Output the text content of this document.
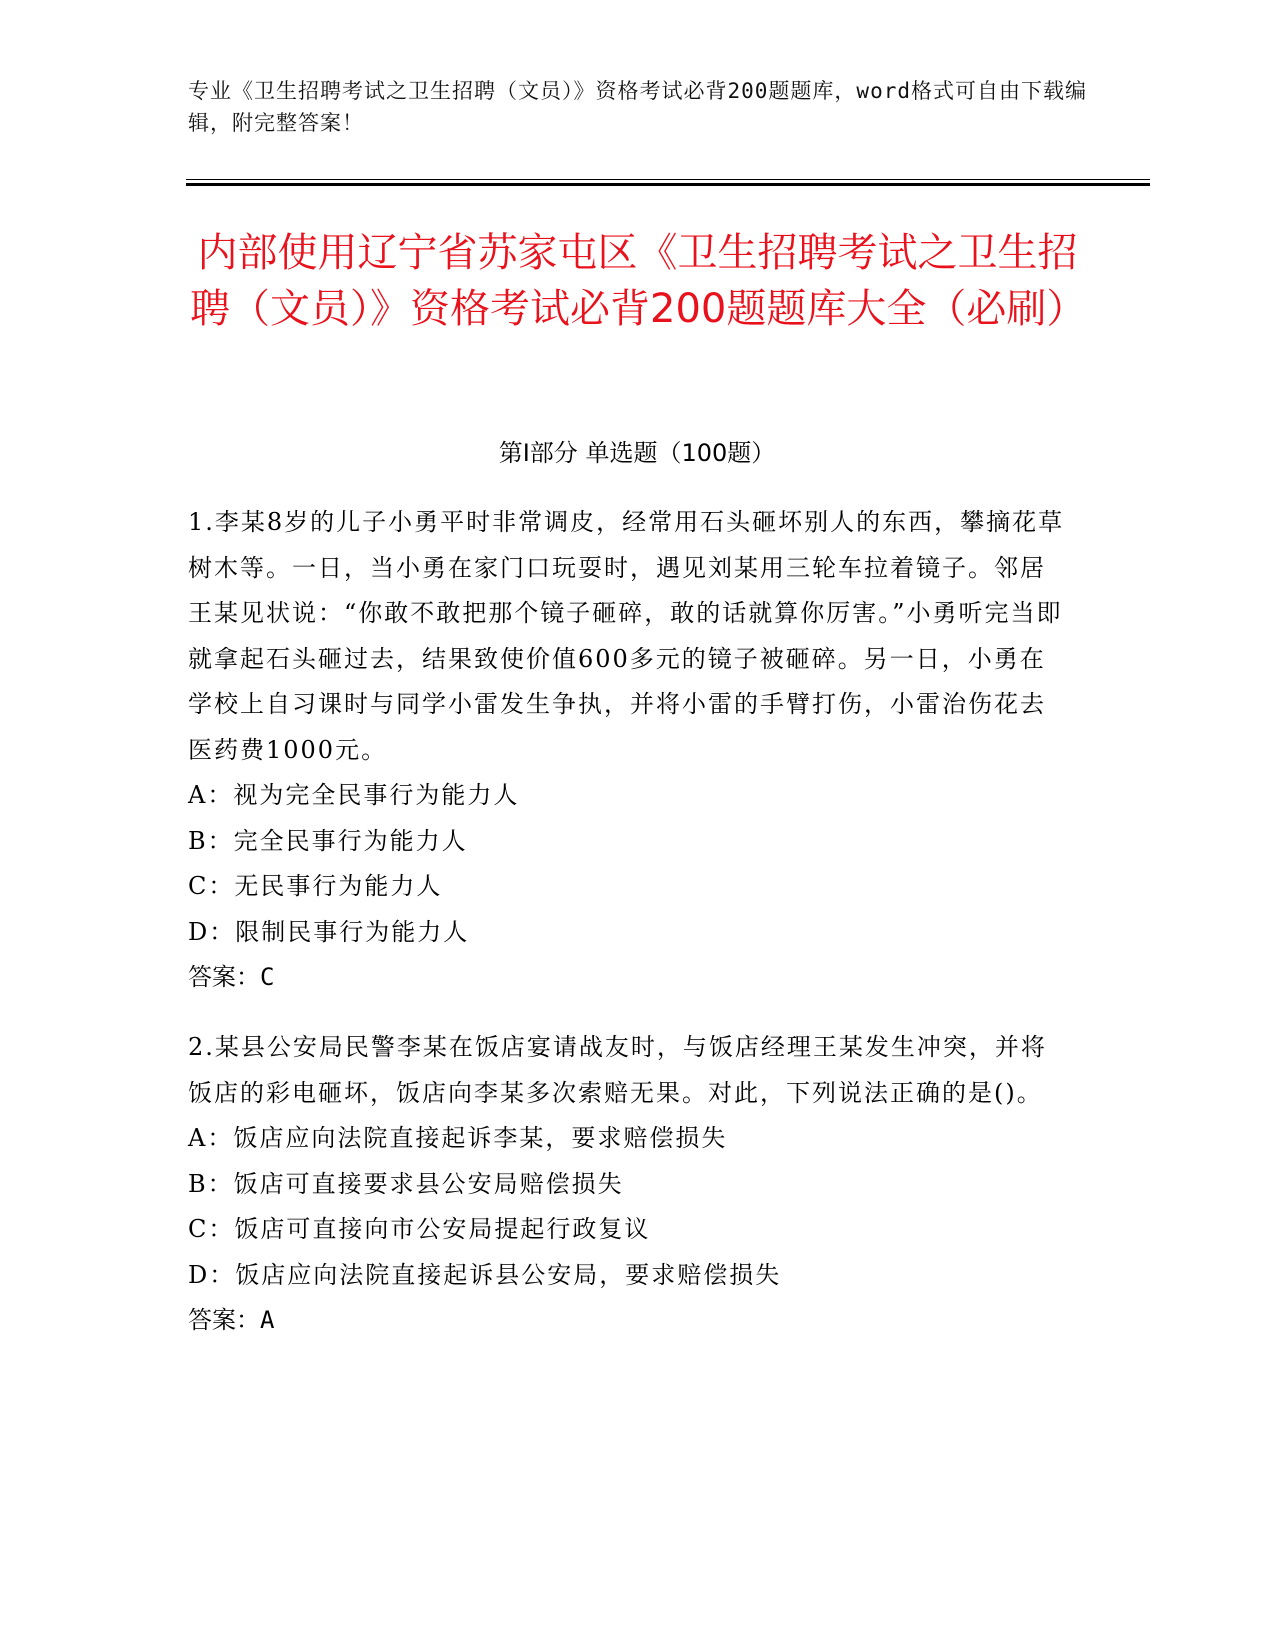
专业《卫生招聘考试之卫生招聘（文员）》资格考试必背200题题库，word格式可自由下载编辑，附完整答案！
内部使用辽宁省苏家屯区《卫生招聘考试之卫生招聘（文员）》资格考试必背200题题库大全（必刷）
第Ⅰ部分 单选题（100题）
1.李某8岁的儿子小勇平时非常调皮，经常用石头砸坏别人的东西，攀摘花草树木等。一日，当小勇在家门口玩耍时，遇见刘某用三轮车拉着镜子。邻居王某见状说：“你敢不敢把那个镜子砸碎，敢的话就算你厉害。”小勇听完当即就拿起石头砸过去，结果致使价值600多元的镜子被砸碎。另一日，小勇在学校上自习课时与同学小雷发生争执，并将小雷的手臂打伤，小雷治伤花去医药费1000元。
A：视为完全民事行为能力人
B：完全民事行为能力人
C：无民事行为能力人
D：限制民事行为能力人
答案：C
2.某县公安局民警李某在饭店宴请战友时，与饭店经理王某发生冲突，并将饭店的彩电砸坏，饭店向李某多次索赔无果。对此，下列说法正确的是()。
A：饭店应向法院直接起诉李某，要求赔偿损失
B：饭店可直接要求县公安局赔偿损失
C：饭店可直接向市公安局提起行政复议
D：饭店应向法院直接起诉县公安局，要求赔偿损失
答案：A
